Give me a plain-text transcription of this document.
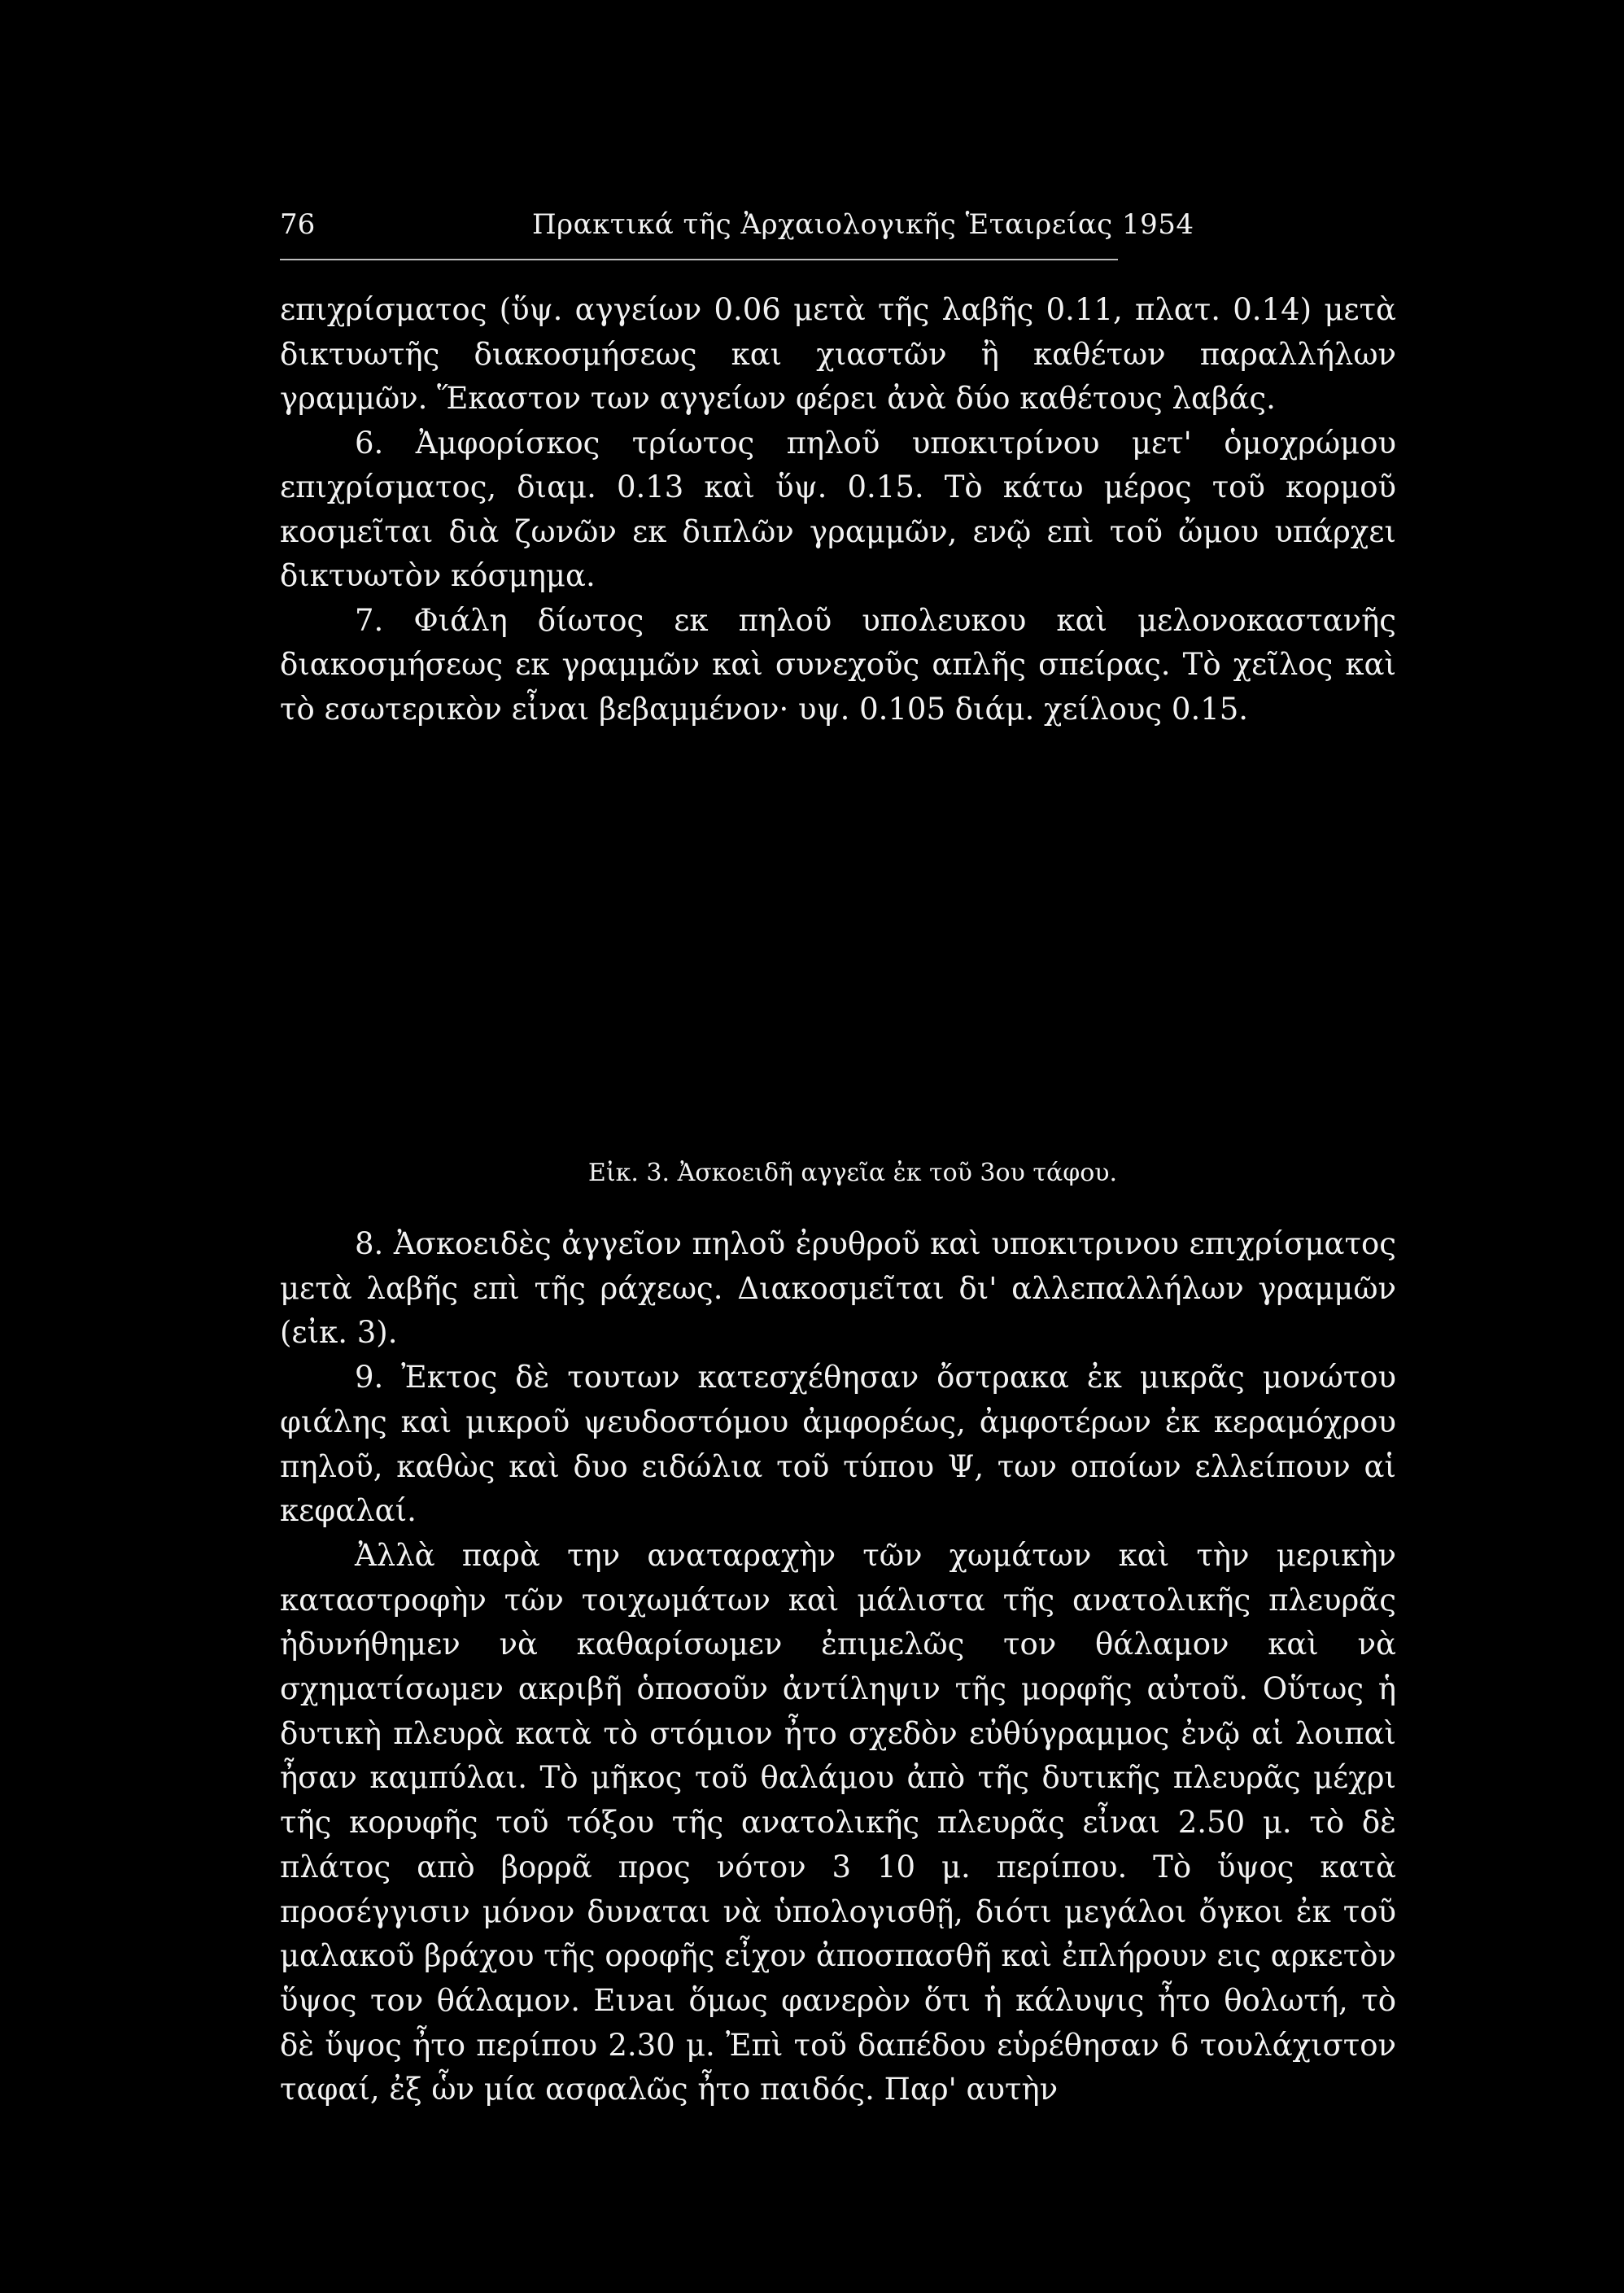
76	Πρακτικά τῆς Ἀρχαιολογικῆς Ἑταιρείας 1954

επιχρίσματος (ὕψ. αγγείων 0.06 μετὰ τῆς λαβῆς 0.11, πλατ. 0.14) μετὰ δικτυωτῆς διακοσμήσεως και χιαστῶν ἢ καθέτων παραλλήλων γραμμῶν. Ἕκαστον των αγγείων φέρει ἀνὰ δύο καθέτους λαβάς.

6. Ἀμφορίσκος τρίωτος πηλοῦ υποκιτρίνου μετ' ὁμοχρώμου επιχρίσματος, διαμ. 0.13 καὶ ὕψ. 0.15. Τὸ κάτω μέρος τοῦ κορμοῦ κοσμεῖται διὰ ζωνῶν εκ διπλῶν γραμμῶν, ενῷ επὶ τοῦ ὤμου υπάρχει δικτυωτὸν κόσμημα.

7. Φιάλη δίωτος εκ πηλοῦ υπολευκου καὶ μελονοκαστανῆς διακοσμήσεως εκ γραμμῶν καὶ συνεχοῦς απλῆς σπείρας. Τὸ χεῖλος καὶ τὸ εσωτερικὸν εἶναι βεβαμμένον· υψ. 0.105 διάμ. χείλους 0.15.

Εἰκ. 3. Ἀσκοειδῆ αγγεῖα ἐκ τοῦ 3ου τάφου.

8. Ἀσκοειδὲς ἀγγεῖον πηλοῦ ἐρυθροῦ καὶ υποκιτρινου επιχρίσματος μετὰ λαβῆς επὶ τῆς ράχεως. Διακοσμεῖται δι' αλλεπαλλήλων γραμμῶν (εἰκ. 3).

9. Ἐκτος δὲ τουτων κατεσχέθησαν ὄστρακα ἐκ μικρᾶς μονώτου φιάλης καὶ μικροῦ ψευδοστόμου ἀμφορέως, ἀμφοτέρων ἐκ κεραμόχρου πηλοῦ, καθὼς καὶ δυο ειδώλια τοῦ τύπου Ψ, των οποίων ελλείπουν αἱ κεφαλαί.

Ἀλλὰ παρὰ την αναταραχὴν τῶν χωμάτων καὶ τὴν μερικὴν καταστροφὴν τῶν τοιχωμάτων καὶ μάλιστα τῆς ανατολικῆς πλευρᾶς ἠδυνήθημεν νὰ καθαρίσωμεν ἐπιμελῶς τον θάλαμον καὶ νὰ σχηματίσωμεν ακριβῆ ὁποσοῦν ἀντίληψιν τῆς μορφῆς αὐτοῦ. Οὕτως ἡ δυτικὴ πλευρὰ κατὰ τὸ στόμιον ἦτο σχεδὸν εὐθύγραμμος ἐνῷ αἱ λοιπαὶ ἦσαν καμπύλαι. Τὸ μῆκος τοῦ θαλάμου ἀπὸ τῆς δυτικῆς πλευρᾶς μέχρι τῆς κορυφῆς τοῦ τόξου τῆς ανατολικῆς πλευρᾶς εἶναι 2.50 μ. τὸ δὲ πλάτος απὸ βορρᾶ προς νότον 3 10 μ. περίπου. Τὸ ὕψος κατὰ προσέγγισιν μόνον δυναται νὰ ὑπολογισθῇ, διότι μεγάλοι ὄγκοι ἐκ τοῦ μαλακοῦ βράχου τῆς οροφῆς εἶχον ἀποσπασθῆ καὶ ἐπλήρουν εις αρκετὸν ὕψος τον θάλαμον. Εινaι ὅμως φανερὸν ὅτι ἡ κάλυψις ἦτο θολωτή, τὸ δὲ ὕψος ἦτο περίπου 2.30 μ. Ἐπὶ τοῦ δαπέδου εὑρέθησαν 6 τουλάχιστον ταφαί, ἐξ ὧν μία ασφαλῶς ἦτο παιδός. Παρ' αυτὴν
